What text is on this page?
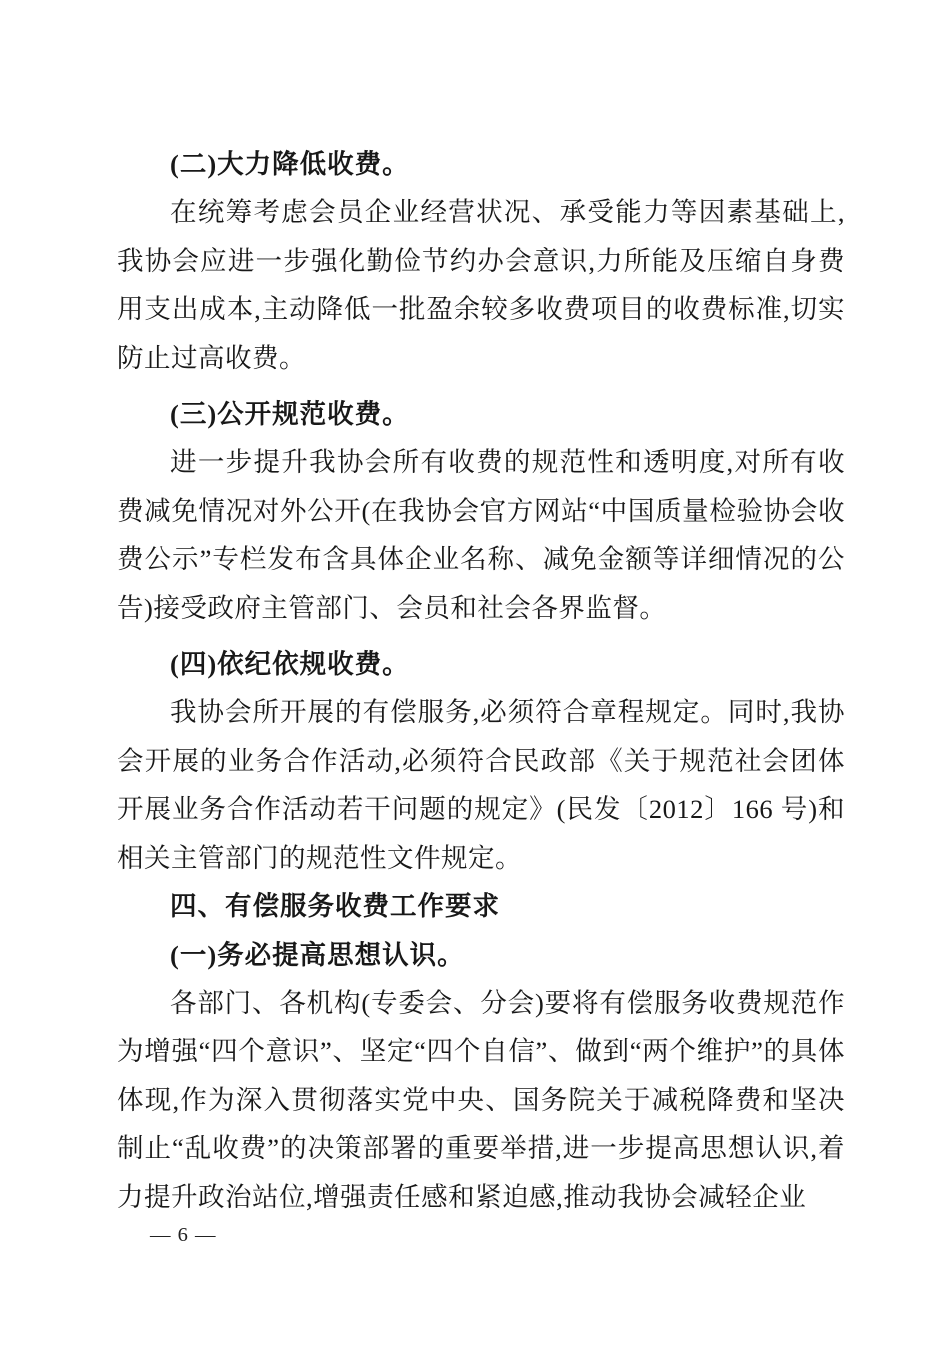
(二)大力降低收费。

在统筹考虑会员企业经营状况、承受能力等因素基础上,我协会应进一步强化勤俭节约办会意识,力所能及压缩自身费用支出成本,主动降低一批盈余较多收费项目的收费标准,切实防止过高收费。

(三)公开规范收费。

进一步提升我协会所有收费的规范性和透明度,对所有收费减免情况对外公开(在我协会官方网站“中国质量检验协会收费公示”专栏发布含具体企业名称、减免金额等详细情况的公告)接受政府主管部门、会员和社会各界监督。

(四)依纪依规收费。

我协会所开展的有偿服务,必须符合章程规定。同时,我协会开展的业务合作活动,必须符合民政部《关于规范社会团体开展业务合作活动若干问题的规定》(民发〔2012〕166 号)和相关主管部门的规范性文件规定。

四、有偿服务收费工作要求

(一)务必提高思想认识。

各部门、各机构(专委会、分会)要将有偿服务收费规范作为增强“四个意识”、坚定“四个自信”、做到“两个维护”的具体体现,作为深入贯彻落实党中央、国务院关于减税降费和坚决制止“乱收费”的决策部署的重要举措,进一步提高思想认识,着力提升政治站位,增强责任感和紧迫感,推动我协会减轻企业

— 6 —
